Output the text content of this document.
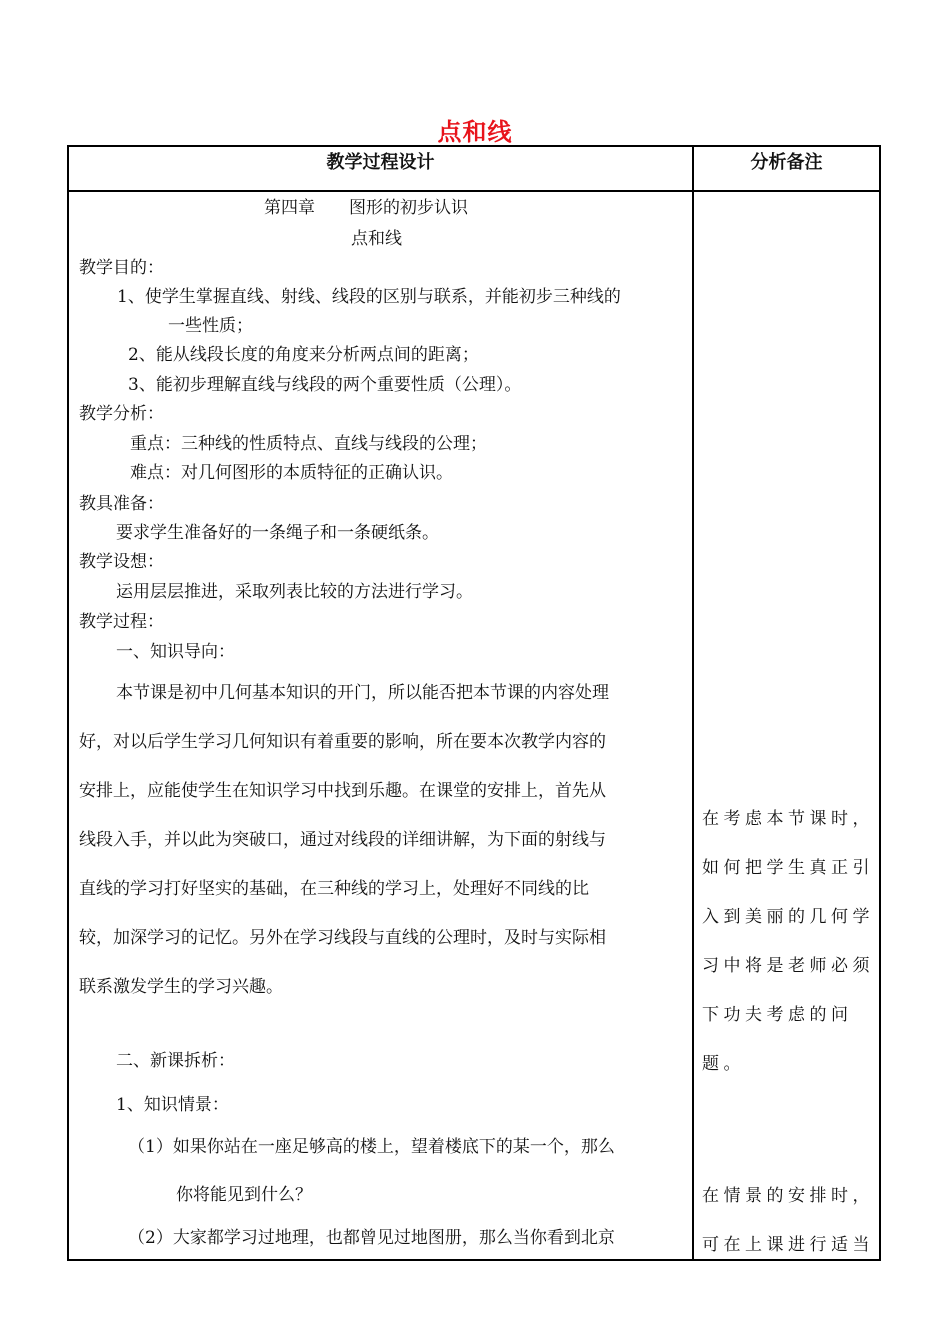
点和线
教学过程设计	分析备注
第四章　　图形的初步认识
点和线
教学目的：
1、使学生掌握直线、射线、线段的区别与联系，并能初步三种线的
一些性质；
2、能从线段长度的角度来分析两点间的距离；
3、能初步理解直线与线段的两个重要性质（公理）。
教学分析：
重点：三种线的性质特点、直线与线段的公理；
难点：对几何图形的本质特征的正确认识。
教具准备：
要求学生准备好的一条绳子和一条硬纸条。
教学设想：
运用层层推进，采取列表比较的方法进行学习。
教学过程：
一、知识导向：
本节课是初中几何基本知识的开门，所以能否把本节课的内容处理
好，对以后学生学习几何知识有着重要的影响，所在要本次教学内容的
安排上，应能使学生在知识学习中找到乐趣。在课堂的安排上，首先从
线段入手，并以此为突破口，通过对线段的详细讲解，为下面的射线与
直线的学习打好坚实的基础，在三种线的学习上，处理好不同线的比
较，加深学习的记忆。另外在学习线段与直线的公理时，及时与实际相
联系激发学生的学习兴趣。
二、新课拆析：
1、知识情景：
（1）如果你站在一座足够高的楼上，望着楼底下的某一个，那么
你将能见到什么？
（2）大家都学习过地理，也都曾见过地图册，那么当你看到北京
在考虑本节课时，
如何把学生真正引
入到美丽的几何学
习中将是老师必须
下功夫考虑的问
题。
在情景的安排时，
可在上课进行适当
